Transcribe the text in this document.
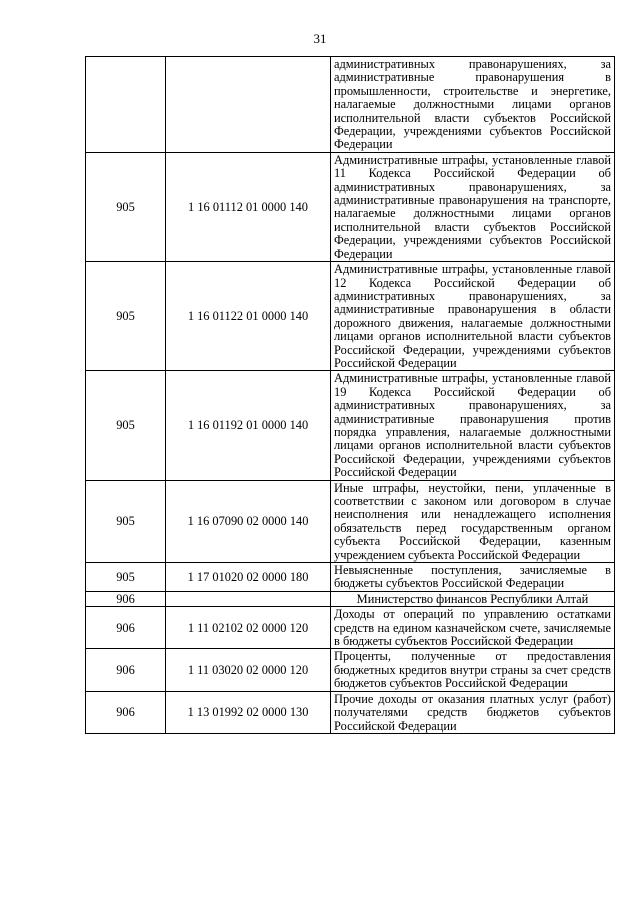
31
		административных правонарушениях, за административные правонарушения в промышленности, строительстве и энергетике, налагаемые должностными лицами органов исполнительной власти субъектов Российской Федерации, учреждениями субъектов Российской Федерации
905	1 16 01112 01 0000 140	Административные штрафы, установленные главой 11 Кодекса Российской Федерации об административных правонарушениях, за административные правонарушения на транспорте, налагаемые должностными лицами органов исполнительной власти субъектов Российской Федерации, учреждениями субъектов Российской Федерации
905	1 16 01122 01 0000 140	Административные штрафы, установленные главой 12 Кодекса Российской Федерации об административных правонарушениях, за административные правонарушения в области дорожного движения, налагаемые должностными лицами органов исполнительной власти субъектов Российской Федерации, учреждениями субъектов Российской Федерации
905	1 16 01192 01 0000 140	Административные штрафы, установленные главой 19 Кодекса Российской Федерации об административных правонарушениях, за административные правонарушения против порядка управления, налагаемые должностными лицами органов исполнительной власти субъектов Российской Федерации, учреждениями субъектов Российской Федерации
905	1 16 07090 02 0000 140	Иные штрафы, неустойки, пени, уплаченные в соответствии с законом или договором в случае неисполнения или ненадлежащего исполнения обязательств перед государственным органом субъекта Российской Федерации, казенным учреждением субъекта Российской Федерации
905	1 17 01020 02 0000 180	Невыясненные поступления, зачисляемые в бюджеты субъектов Российской Федерации
906		Министерство финансов Республики Алтай
906	1 11 02102 02 0000 120	Доходы от операций по управлению остатками средств на едином казначейском счете, зачисляемые в бюджеты субъектов Российской Федерации
906	1 11 03020 02 0000 120	Проценты, полученные от предоставления бюджетных кредитов внутри страны за счет средств бюджетов субъектов Российской Федерации
906	1 13 01992 02 0000 130	Прочие доходы от оказания платных услуг (работ) получателями средств бюджетов субъектов Российской Федерации
